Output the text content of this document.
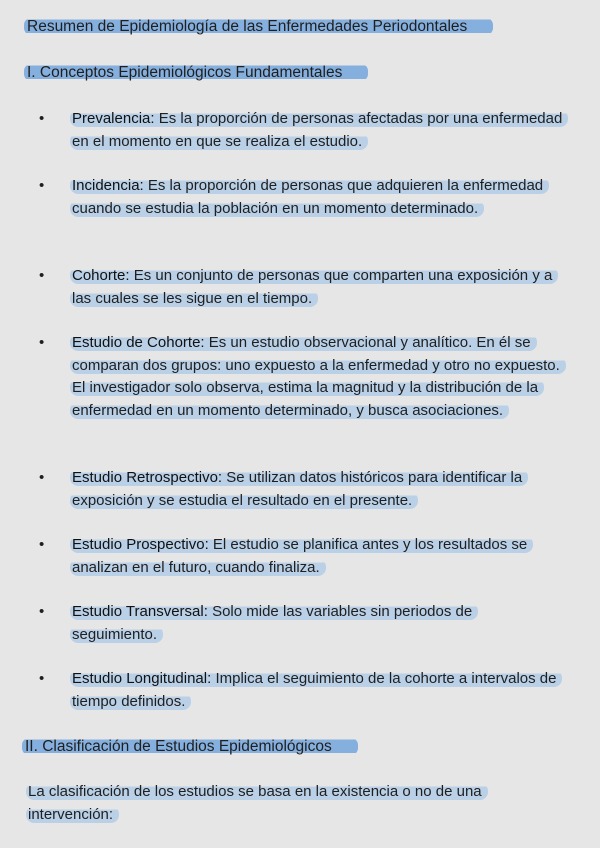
Resumen de Epidemiología de las Enfermedades Periodontales
I. Conceptos Epidemiológicos Fundamentales
• Prevalencia: Es la proporción de personas afectadas por una enfermedad en el momento en que se realiza el estudio.
• Incidencia: Es la proporción de personas que adquieren la enfermedad cuando se estudia la población en un momento determinado.
• Cohorte: Es un conjunto de personas que comparten una exposición y a las cuales se les sigue en el tiempo.
• Estudio de Cohorte: Es un estudio observacional y analítico. En él se comparan dos grupos: uno expuesto a la enfermedad y otro no expuesto. El investigador solo observa, estima la magnitud y la distribución de la enfermedad en un momento determinado, y busca asociaciones.
• Estudio Retrospectivo: Se utilizan datos históricos para identificar la exposición y se estudia el resultado en el presente.
• Estudio Prospectivo: El estudio se planifica antes y los resultados se analizan en el futuro, cuando finaliza.
• Estudio Transversal: Solo mide las variables sin periodos de seguimiento.
• Estudio Longitudinal: Implica el seguimiento de la cohorte a intervalos de tiempo definidos.
II. Clasificación de Estudios Epidemiológicos

La clasificación de los estudios se basa en la existencia o no de una intervención:
